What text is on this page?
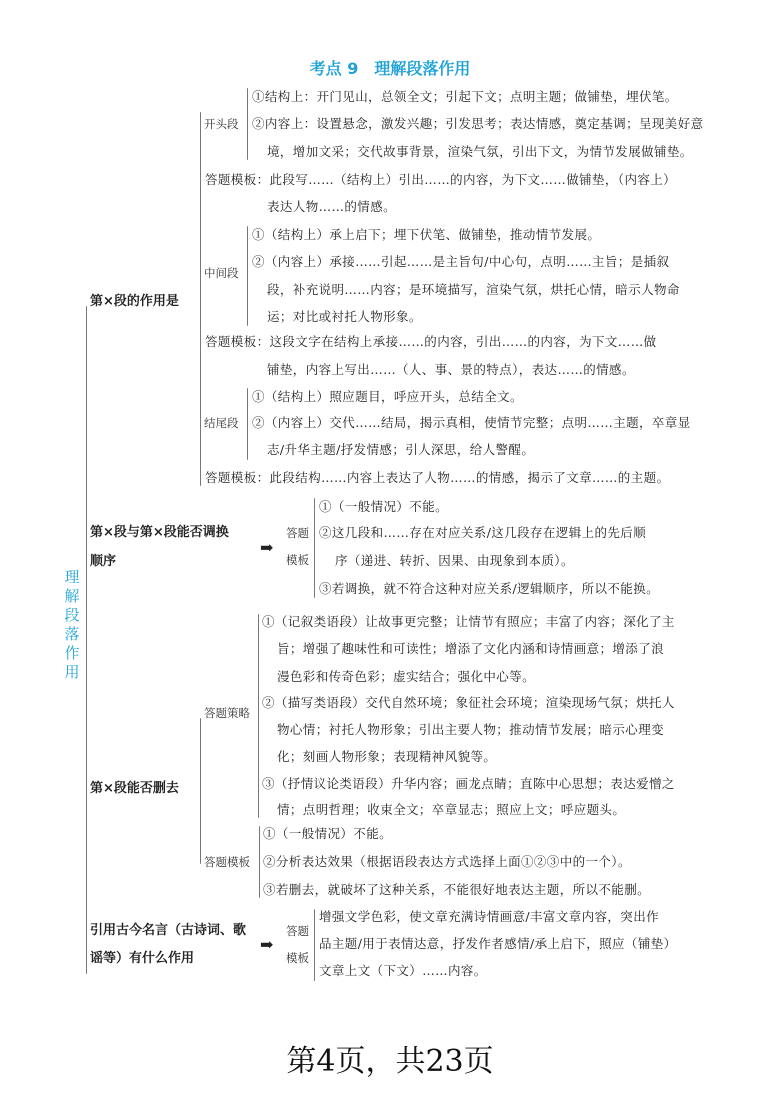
考点 9　理解段落作用
理解段落作用
第×段的作用是
开头段
①结构上：开门见山，总领全文；引起下文；点明主题；做铺垫，埋伏笔。
②内容上：设置悬念，激发兴趣；引发思考；表达情感，奠定基调；呈现美好意
境，增加文采；交代故事背景，渲染气氛，引出下文，为情节发展做铺垫。
答题模板：此段写……（结构上）引出……的内容，为下文……做铺垫，（内容上）
表达人物……的情感。
中间段
①（结构上）承上启下；埋下伏笔、做铺垫，推动情节发展。
②（内容上）承接……引起……是主旨句/中心句，点明……主旨；是插叙
段，补充说明……内容；是环境描写，渲染气氛，烘托心情，暗示人物命
运；对比或衬托人物形象。
答题模板：这段文字在结构上承接……的内容，引出……的内容，为下文……做
铺垫，内容上写出……（人、事、景的特点），表达……的情感。
结尾段
①（结构上）照应题目，呼应开头，总结全文。
②（内容上）交代……结局，揭示真相，使情节完整；点明……主题，卒章显
志/升华主题/抒发情感；引人深思，给人警醒。
答题模板：此段结构……内容上表达了人物……的情感，揭示了文章……的主题。
第×段与第×段能否调换
顺序
➡
答题
模板
①（一般情况）不能。
②这几段和……存在对应关系/这几段存在逻辑上的先后顺
序（递进、转折、因果、由现象到本质）。
③若调换，就不符合这种对应关系/逻辑顺序，所以不能换。
第×段能否删去
答题策略
①（记叙类语段）让故事更完整；让情节有照应；丰富了内容；深化了主
旨；增强了趣味性和可读性；增添了文化内涵和诗情画意；增添了浪
漫色彩和传奇色彩；虚实结合；强化中心等。
②（描写类语段）交代自然环境；象征社会环境；渲染现场气氛；烘托人
物心情；衬托人物形象；引出主要人物；推动情节发展；暗示心理变
化；刻画人物形象；表现精神风貌等。
③（抒情议论类语段）升华内容；画龙点睛；直陈中心思想；表达爱憎之
情；点明哲理；收束全文；卒章显志；照应上文；呼应题头。
答题模板
①（一般情况）不能。
②分析表达效果（根据语段表达方式选择上面①②③中的一个）。
③若删去，就破坏了这种关系，不能很好地表达主题，所以不能删。
引用古今名言（古诗词、歌
谣等）有什么作用
➡
答题
模板
增强文学色彩，使文章充满诗情画意/丰富文章内容，突出作
品主题/用于表情达意，抒发作者感情/承上启下，照应（铺垫）
文章上文（下文）……内容。
第4页，共23页
